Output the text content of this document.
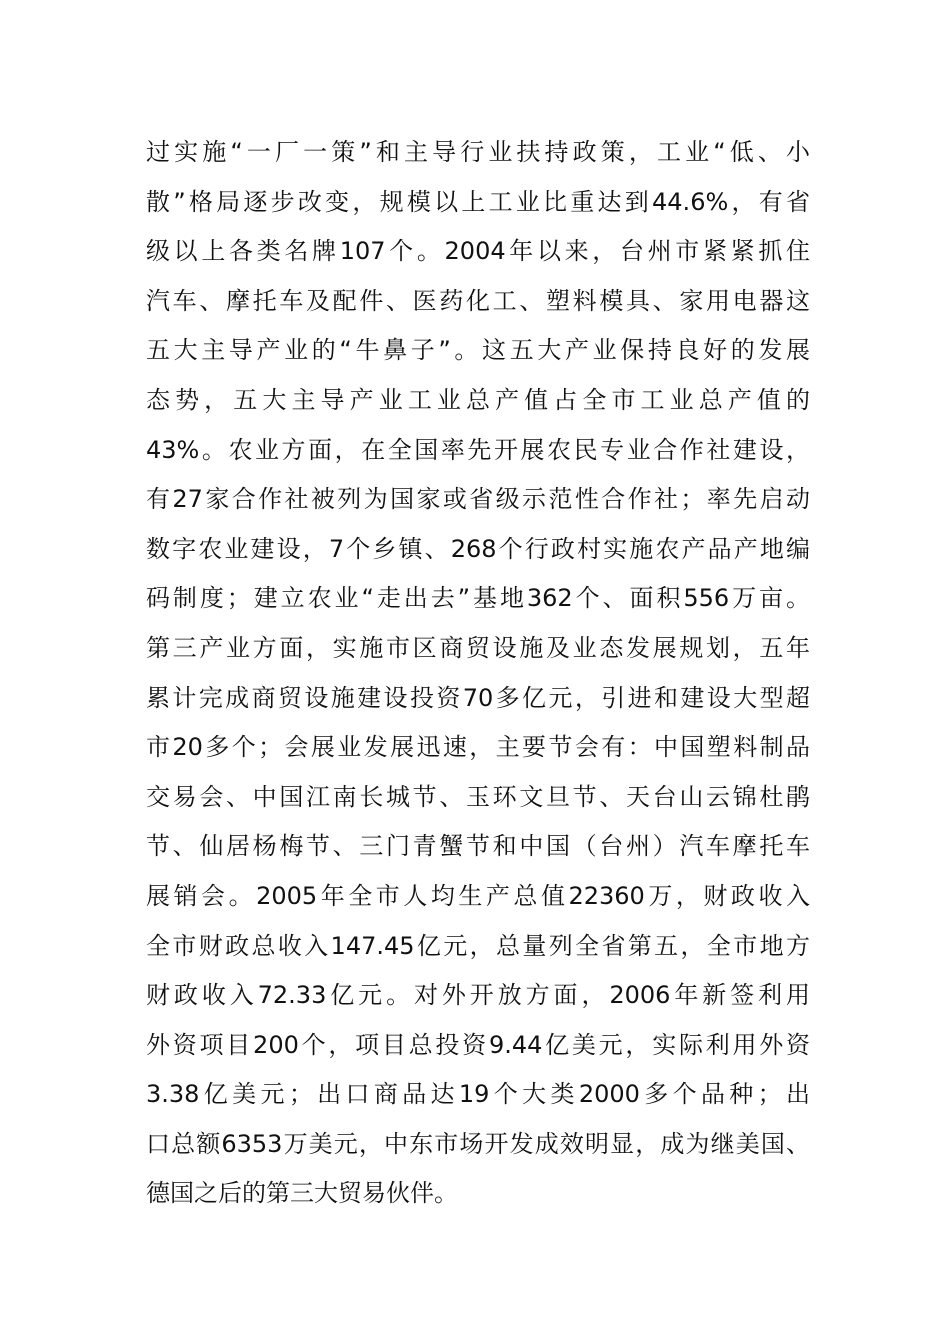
过实施“一厂一策”和主导行业扶持政策，工业“低、小
散”格局逐步改变，规模以上工业比重达到44.6%，有省
级以上各类名牌107个。2004年以来，台州市紧紧抓住
汽车、摩托车及配件、医药化工、塑料模具、家用电器这
五大主导产业的“牛鼻子”。这五大产业保持良好的发展
态势，五大主导产业工业总产值占全市工业总产值的
43%。农业方面，在全国率先开展农民专业合作社建设，
有27家合作社被列为国家或省级示范性合作社；率先启动
数字农业建设，7个乡镇、268个行政村实施农产品产地编
码制度；建立农业“走出去”基地362个、面积556万亩。
第三产业方面，实施市区商贸设施及业态发展规划，五年
累计完成商贸设施建设投资70多亿元，引进和建设大型超
市20多个；会展业发展迅速，主要节会有：中国塑料制品
交易会、中国江南长城节、玉环文旦节、天台山云锦杜鹃
节、仙居杨梅节、三门青蟹节和中国（台州）汽车摩托车
展销会。2005年全市人均生产总值22360万，财政收入
全市财政总收入147.45亿元，总量列全省第五，全市地方
财政收入72.33亿元。对外开放方面，2006年新签利用
外资项目200个，项目总投资9.44亿美元，实际利用外资
3.38亿美元；出口商品达19个大类2000多个品种；出
口总额6353万美元，中东市场开发成效明显，成为继美国、
德国之后的第三大贸易伙伴。
